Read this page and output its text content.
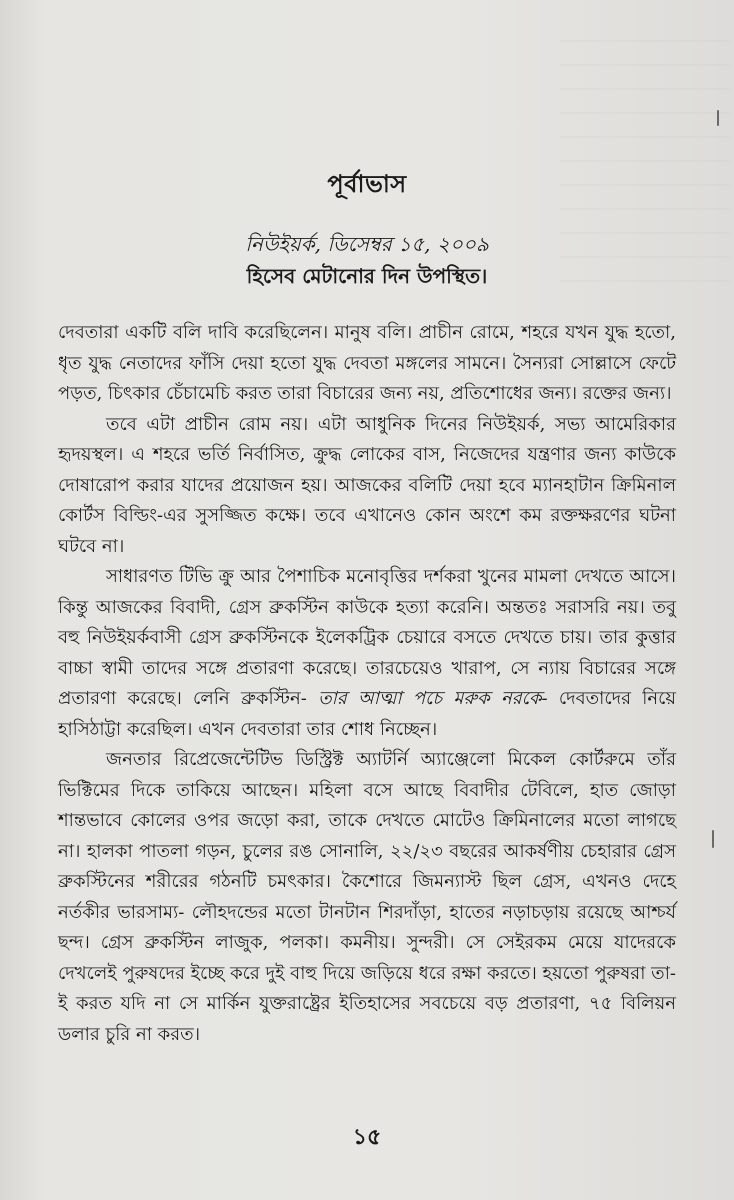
পূর্বাভাস
নিউইয়র্ক, ডিসেম্বর ১৫, ২০০৯
হিসেব মেটানোর দিন উপস্থিত।

দেবতারা একটি বলি দাবি করেছিলেন। মানুষ বলি। প্রাচীন রোমে, শহরে যখন যুদ্ধ হতো, ধৃত যুদ্ধ নেতাদের ফাঁসি দেয়া হতো যুদ্ধ দেবতা মঙ্গলের সামনে। সৈন্যরা সোল্লাসে ফেটে পড়ত, চিৎকার চেঁচামেচি করত তারা বিচারের জন্য নয়, প্রতিশোধের জন্য। রক্তের জন্য।

তবে এটা প্রাচীন রোম নয়। এটা আধুনিক দিনের নিউইয়র্ক, সভ্য আমেরিকার হৃদয়স্থল। এ শহরে ভর্তি নির্বাসিত, ক্রুদ্ধ লোকের বাস, নিজেদের যন্ত্রণার জন্য কাউকে দোষারোপ করার যাদের প্রয়োজন হয়। আজকের বলিটি দেয়া হবে ম্যানহাটান ক্রিমিনাল কোর্টস বিল্ডিং-এর সুসজ্জিত কক্ষে। তবে এখানেও কোন অংশে কম রক্তক্ষরণের ঘটনা ঘটবে না।

সাধারণত টিভি ক্রু আর পৈশাচিক মনোবৃত্তির দর্শকরা খুনের মামলা দেখতে আসে। কিন্তু আজকের বিবাদী, গ্রেস ব্রুকস্টিন কাউকে হত্যা করেনি। অন্ততঃ সরাসরি নয়। তবু বহু নিউইয়র্কবাসী গ্রেস ব্রুকস্টিনকে ইলেকট্রিক চেয়ারে বসতে দেখতে চায়। তার কুত্তার বাচ্চা স্বামী তাদের সঙ্গে প্রতারণা করেছে। তারচেয়েও খারাপ, সে ন্যায় বিচারের সঙ্গে প্রতারণা করেছে। লেনি ব্রুকস্টিন- তার আত্মা পচে মরুক নরকে- দেবতাদের নিয়ে হাসিঠাট্টা করেছিল। এখন দেবতারা তার শোধ নিচ্ছেন।

জনতার রিপ্রেজেন্টেটিভ ডিস্ট্রিক্ট অ্যাটর্নি অ্যাঞ্জেলো মিকেল কোর্টরুমে তাঁর ভিক্টিমের দিকে তাকিয়ে আছেন। মহিলা বসে আছে বিবাদীর টেবিলে, হাত জোড়া শান্তভাবে কোলের ওপর জড়ো করা, তাকে দেখতে মোটেও ক্রিমিনালের মতো লাগছে না। হালকা পাতলা গড়ন, চুলের রঙ সোনালি, ২২/২৩ বছরের আকর্ষণীয় চেহারার গ্রেস ব্রুকস্টিনের শরীরের গঠনটি চমৎকার। কৈশোরে জিমন্যাস্ট ছিল গ্রেস, এখনও দেহে নর্তকীর ভারসাম্য- লৌহদন্ডের মতো টানটান শিরদাঁড়া, হাতের নড়াচড়ায় রয়েছে আশ্চর্য ছন্দ। গ্রেস ব্রুকস্টিন লাজুক, পলকা। কমনীয়। সুন্দরী। সে সেইরকম মেয়ে যাদেরকে দেখলেই পুরুষদের ইচ্ছে করে দুই বাহু দিয়ে জড়িয়ে ধরে রক্ষা করতে। হয়তো পুরুষরা তা-ই করত যদি না সে মার্কিন যুক্তরাষ্ট্রের ইতিহাসের সবচেয়ে বড় প্রতারণা, ৭৫ বিলিয়ন ডলার চুরি না করত।

১৫
